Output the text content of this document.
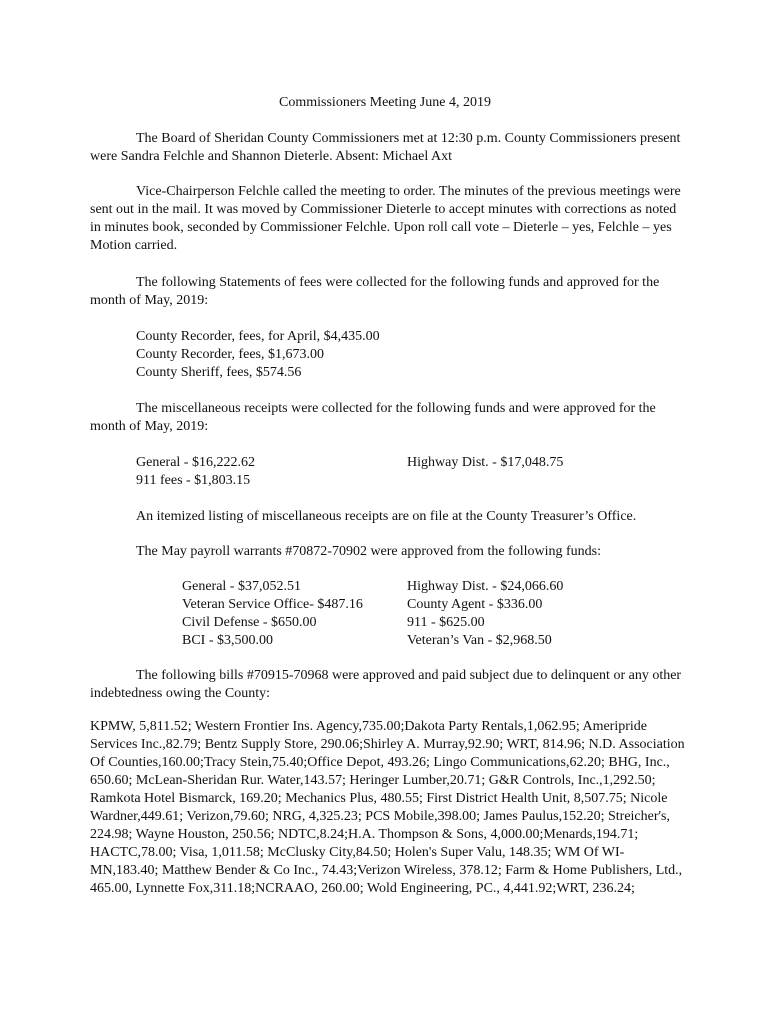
Commissioners Meeting June 4, 2019

The Board of Sheridan County Commissioners met at 12:30 p.m. County Commissioners present were Sandra Felchle and Shannon Dieterle. Absent: Michael Axt

Vice-Chairperson Felchle called the meeting to order. The minutes of the previous meetings were sent out in the mail. It was moved by Commissioner Dieterle to accept minutes with corrections as noted in minutes book, seconded by Commissioner Felchle. Upon roll call vote – Dieterle – yes, Felchle – yes Motion carried.

The following Statements of fees were collected for the following funds and approved for the month of May, 2019:

County Recorder, fees, for April, $4,435.00
County Recorder, fees, $1,673.00
County Sheriff, fees, $574.56

The miscellaneous receipts were collected for the following funds and were approved for the month of May, 2019:

General - $16,222.62
911 fees - $1,803.15
Highway Dist. - $17,048.75

An itemized listing of miscellaneous receipts are on file at the County Treasurer’s Office.

The May payroll warrants #70872-70902 were approved from the following funds:

General - $37,052.51
Veteran Service Office- $487.16
Civil Defense - $650.00
BCI - $3,500.00
Highway Dist. - $24,066.60
County Agent - $336.00
911 - $625.00
Veteran’s Van - $2,968.50

The following bills #70915-70968 were approved and paid subject due to delinquent or any other indebtedness owing the County:

KPMW, 5,811.52; Western Frontier Ins. Agency,735.00;Dakota Party Rentals,1,062.95; Ameripride Services Inc.,82.79; Bentz Supply Store, 290.06;Shirley A. Murray,92.90; WRT, 814.96; N.D. Association Of Counties,160.00;Tracy Stein,75.40;Office Depot, 493.26; Lingo Communications,62.20; BHG, Inc., 650.60; McLean-Sheridan Rur. Water,143.57; Heringer Lumber,20.71; G&R Controls, Inc.,1,292.50; Ramkota Hotel Bismarck, 169.20; Mechanics Plus, 480.55; First District Health Unit, 8,507.75; Nicole Wardner,449.61; Verizon,79.60; NRG, 4,325.23; PCS Mobile,398.00; James Paulus,152.20; Streicher's, 224.98; Wayne Houston, 250.56; NDTC,8.24;H.A. Thompson & Sons, 4,000.00;Menards,194.71; HACTC,78.00; Visa, 1,011.58; McClusky City,84.50; Holen's Super Valu, 148.35; WM Of WI-MN,183.40; Matthew Bender & Co Inc., 74.43;Verizon Wireless, 378.12; Farm & Home Publishers, Ltd., 465.00, Lynnette Fox,311.18;NCRAAO, 260.00; Wold Engineering, PC., 4,441.92;WRT, 236.24;
